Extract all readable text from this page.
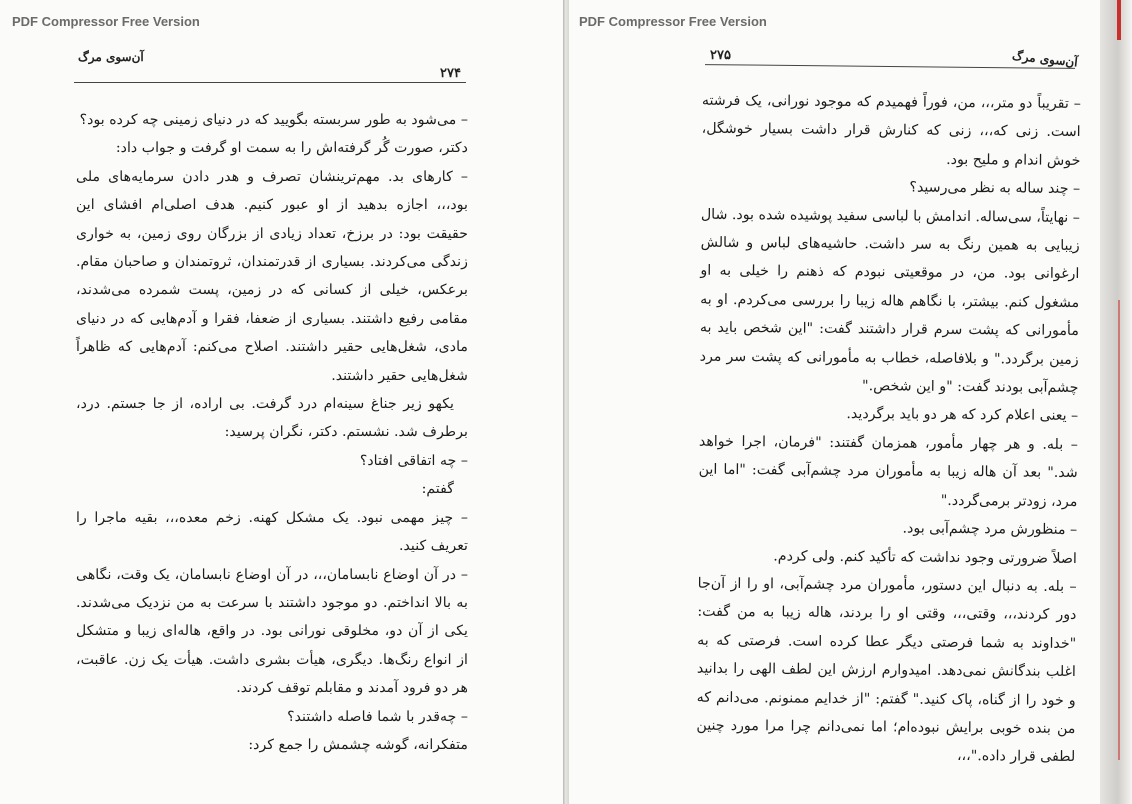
PDF Compressor Free Version
آن‌سوی مرگ
۲۷۴

– می‌شود به طور سربسته بگویید که در دنیای زمینی چه کرده بود؟

دکتر، صورت گُر گرفته‌اش را به سمت او گرفت و جواب داد:

– کارهای بد. مهم‌ترینشان تصرف و هدر دادن سرمایه‌های ملی بود،،، اجازه بدهید از او عبور کنیم. هدف اصلی‌ام افشای این حقیقت بود: در برزخ، تعداد زیادی از بزرگان روی زمین، به خواری زندگی می‌کردند. بسیاری از قدرتمندان، ثروتمندان و صاحبان مقام. برعکس، خیلی از کسانی که در زمین، پست شمرده می‌شدند، مقامی رفیع داشتند. بسیاری از ضعفا، فقرا و آدم‌هایی که در دنیای مادی، شغل‌هایی حقیر داشتند. اصلاح می‌کنم: آدم‌هایی که ظاهراً شغل‌هایی حقیر داشتند.

یکهو زیر جناغ سینه‌ام درد گرفت. بی اراده، از جا جستم. درد، برطرف شد. نشستم. دکتر، نگران پرسید:

– چه اتفاقی افتاد؟

گفتم:

– چیز مهمی نبود. یک مشکل کهنه. زخم معده،،، بقیه ماجرا را تعریف کنید.

– در آن اوضاع نابسامان،،، در آن اوضاع نابسامان، یک وقت، نگاهی به بالا انداختم. دو موجود داشتند با سرعت به من نزدیک می‌شدند. یکی از آن دو، مخلوقی نورانی بود. در واقع، هاله‌ای زیبا و متشکل از انواع رنگ‌ها. دیگری، هیأت بشری داشت. هیأت یک زن. عاقبت، هر دو فرود آمدند و مقابلم توقف کردند.

– چه‌قدر با شما فاصله داشتند؟

متفکرانه، گوشه چشمش را جمع کرد:

PDF Compressor Free Version
آن‌سوی مرگ
۲۷۵

– تقریباً دو متر،،، من، فوراً فهمیدم که موجود نورانی، یک فرشته است. زنی که،،، زنی که کنارش قرار داشت بسیار خوشگل، خوش اندام و ملیح بود.

– چند ساله به نظر می‌رسید؟

– نهایتاً، سی‌ساله. اندامش با لباسی سفید پوشیده شده بود. شال زیبایی به همین رنگ به سر داشت. حاشیه‌های لباس و شالش ارغوانی بود. من، در موقعیتی نبودم که ذهنم را خیلی به او مشغول کنم. بیشتر، با نگاهم هاله زیبا را بررسی می‌کردم. او به مأمورانی که پشت سرم قرار داشتند گفت: "این شخص باید به زمین برگردد." و بلافاصله، خطاب به مأمورانی که پشت سر مرد چشم‌آبی بودند گفت: "و این شخص."

– یعنی اعلام کرد که هر دو باید برگردید.

– بله. و هر چهار مأمور، همزمان گفتند: "فرمان، اجرا خواهد شد." بعد آن هاله زیبا به مأموران مرد چشم‌آبی گفت: "اما این مرد، زودتر برمی‌گردد."

– منظورش مرد چشم‌آبی بود.

اصلاً ضرورتی وجود نداشت که تأکید کنم. ولی کردم.

– بله. به دنبال این دستور، مأموران مرد چشم‌آبی، او را از آن‌جا دور کردند،،، وقتی،،، وقتی او را بردند، هاله زیبا به من گفت: "خداوند به شما فرصتی دیگر عطا کرده است. فرصتی که به اغلب بندگانش نمی‌دهد. امیدوارم ارزش این لطف الهی را بدانید و خود را از گناه، پاک کنید." گفتم: "از خدایم ممنونم. می‌دانم که من بنده خوبی برایش نبوده‌ام؛ اما نمی‌دانم چرا مرا مورد چنین لطفی قرار داده."،،،
